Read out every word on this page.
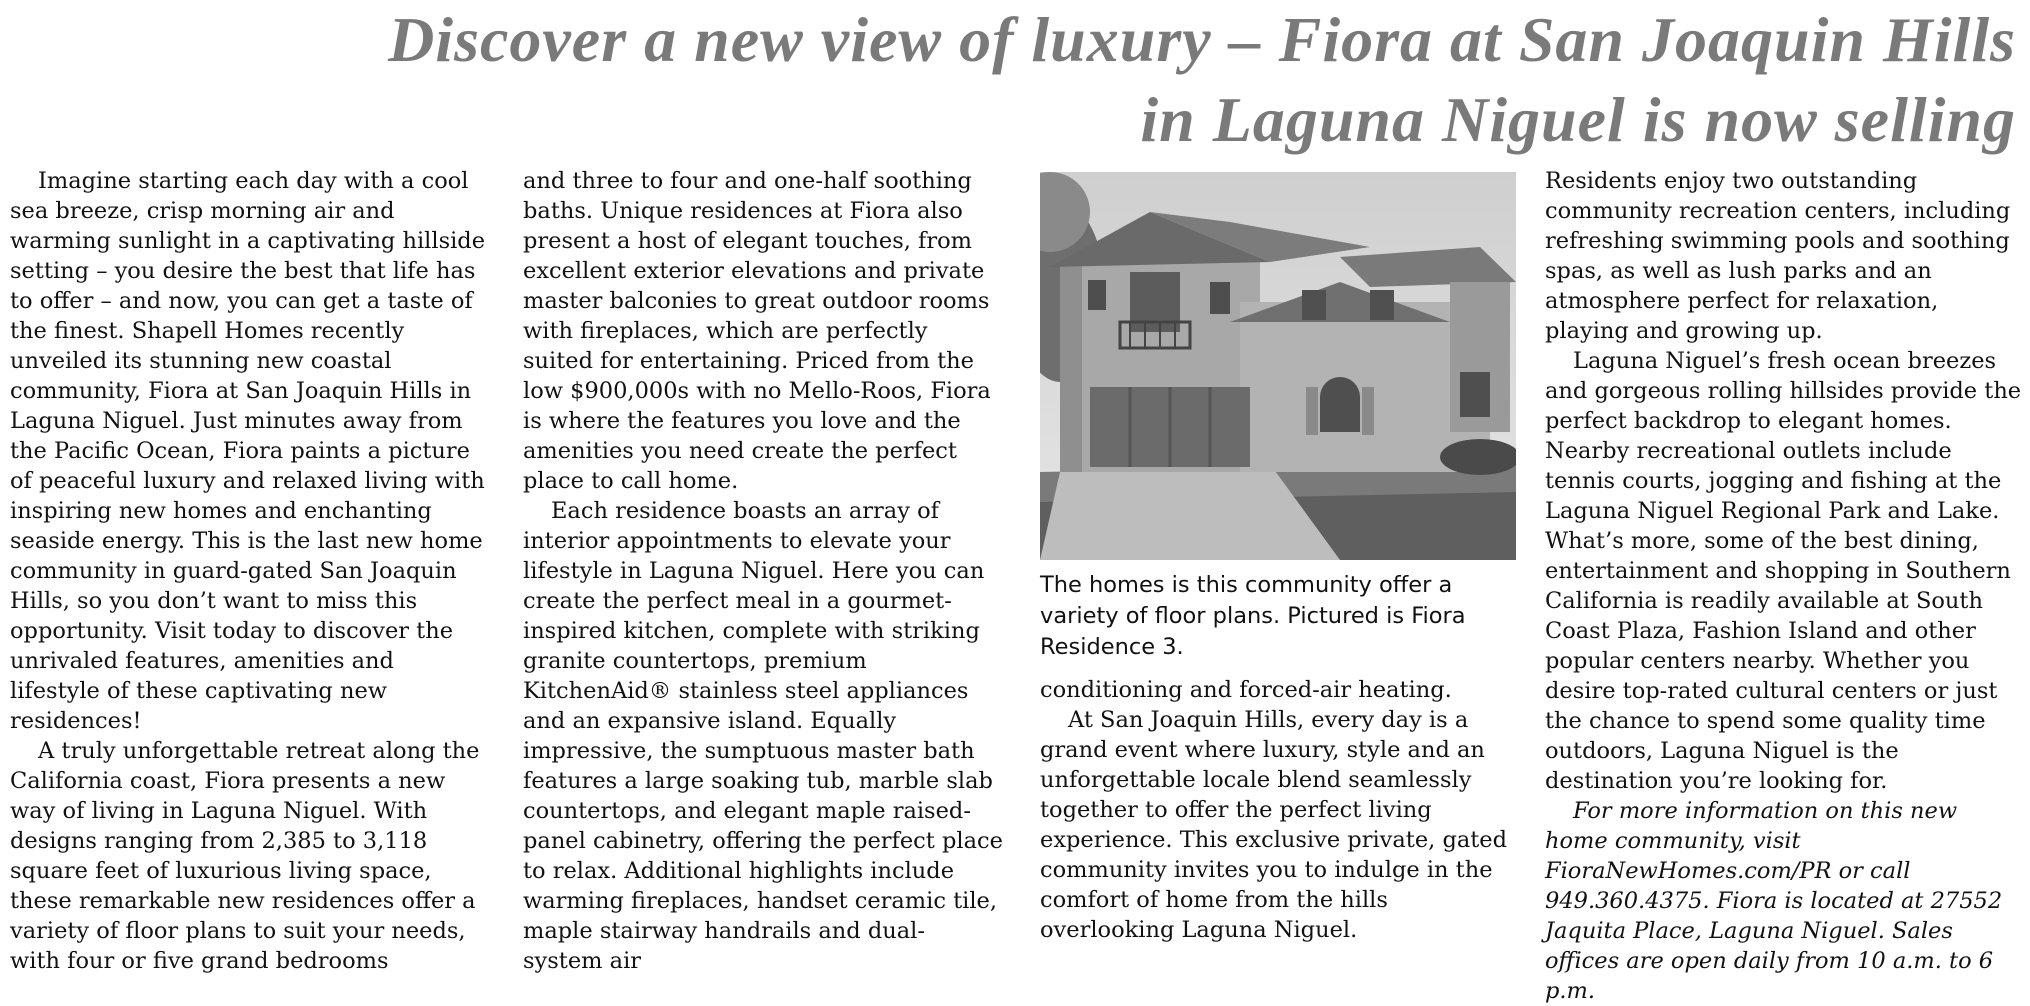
Discover a new view of luxury – Fiora at San Joaquin Hills
in Laguna Niguel is now selling

Imagine starting each day with a cool sea breeze, crisp morning air and warming sunlight in a captivating hillside setting – you desire the best that life has to offer – and now, you can get a taste of the finest. Shapell Homes recently unveiled its stunning new coastal community, Fiora at San Joaquin Hills in Laguna Niguel. Just minutes away from the Pacific Ocean, Fiora paints a picture of peaceful luxury and relaxed living with inspiring new homes and enchanting seaside energy. This is the last new home community in guard-gated San Joaquin Hills, so you don’t want to miss this opportunity. Visit today to discover the unrivaled features, amenities and lifestyle of these captivating new residences!

A truly unforgettable retreat along the California coast, Fiora presents a new way of living in Laguna Niguel. With designs ranging from 2,385 to 3,118 square feet of luxurious living space, these remarkable new residences offer a variety of floor plans to suit your needs, with four or five grand bedrooms

and three to four and one-half soothing baths. Unique residences at Fiora also present a host of elegant touches, from excellent exterior elevations and private master balconies to great outdoor rooms with fireplaces, which are perfectly suited for entertaining. Priced from the low $900,000s with no Mello-Roos, Fiora is where the features you love and the amenities you need create the perfect place to call home.

Each residence boasts an array of interior appointments to elevate your lifestyle in Laguna Niguel. Here you can create the perfect meal in a gourmet-inspired kitchen, complete with striking granite countertops, premium KitchenAid® stainless steel appliances and an expansive island. Equally impressive, the sumptuous master bath features a large soaking tub, marble slab countertops, and elegant maple raised-panel cabinetry, offering the perfect place to relax. Additional highlights include warming fireplaces, handset ceramic tile, maple stairway handrails and dual-system air

The homes is this community offer a variety of floor plans. Pictured is Fiora Residence 3.

conditioning and forced-air heating.

At San Joaquin Hills, every day is a grand event where luxury, style and an unforgettable locale blend seamlessly together to offer the perfect living experience. This exclusive private, gated community invites you to indulge in the comfort of home from the hills overlooking Laguna Niguel.

Residents enjoy two outstanding community recreation centers, including refreshing swimming pools and soothing spas, as well as lush parks and an atmosphere perfect for relaxation, playing and growing up.

Laguna Niguel’s fresh ocean breezes and gorgeous rolling hillsides provide the perfect backdrop to elegant homes. Nearby recreational outlets include tennis courts, jogging and fishing at the Laguna Niguel Regional Park and Lake. What’s more, some of the best dining, entertainment and shopping in Southern California is readily available at South Coast Plaza, Fashion Island and other popular centers nearby. Whether you desire top-rated cultural centers or just the chance to spend some quality time outdoors, Laguna Niguel is the destination you’re looking for.

For more information on this new home community, visit FioraNewHomes.com/PR or call 949.360.4375. Fiora is located at 27552 Jaquita Place, Laguna Niguel. Sales offices are open daily from 10 a.m. to 6 p.m.
